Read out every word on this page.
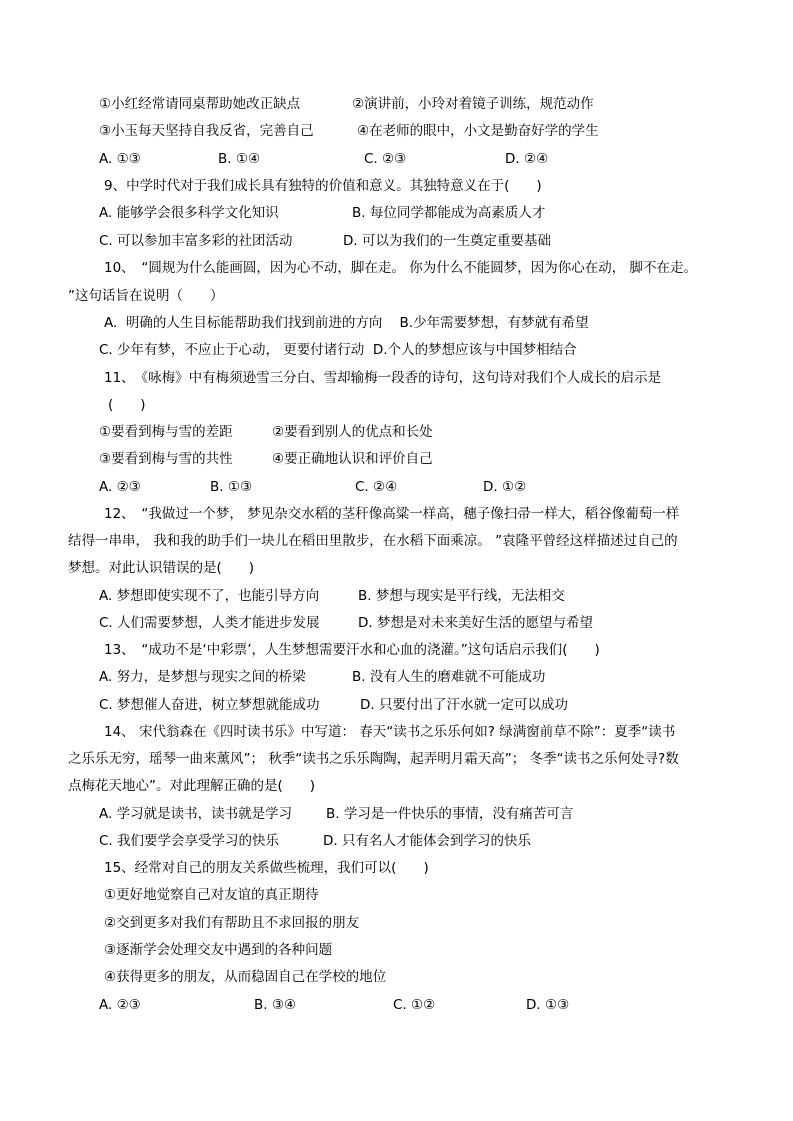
①小红经常请同桌帮助她改正缺点	②演讲前，小玲对着镜子训练，规范动作
③小玉每天坚持自我反省，完善自己	④在老师的眼中，小文是勤奋好学的学生
A. ①③	B. ①④	C. ②③	D. ②④
9、中学时代对于我们成长具有独特的价值和意义。其独特意义在于(　　)
A. 能够学会很多科学文化知识	B. 每位同学都能成为高素质人才
C. 可以参加丰富多彩的社团活动	D. 可以为我们的一生奠定重要基础
10、　“圆规为什么能画圆，因为心不动，脚在走。 你为什么不能圆梦，因为你心在动， 脚不在走。
”这句话旨在说明（　　）
A.  明确的人生目标能帮助我们找到前进的方向    B.少年需要梦想，有梦就有希望
C. 少年有梦，不应止于心动， 更要付诸行动  D.个人的梦想应该与中国梦相结合
11、　《咏梅》中有梅须逊雪三分白、雪却输梅一段香的诗句，这句诗对我们个人成长的启示是
(　　)
①要看到梅与雪的差距	②要看到别人的优点和长处
③要看到梅与雪的共性	④要正确地认识和评价自己
A. ②③	B. ①③	C. ②④	D. ①②
12、　“我做过一个梦， 梦见杂交水稻的茎秆像高粱一样高，穗子像扫帚一样大，稻谷像葡萄一样
结得一串串， 我和我的助手们一块儿在稻田里散步，在水稻下面乘凉。 ”袁隆平曾经这样描述过自己的
梦想。对此认识错误的是(　　)
A. 梦想即使实现不了，也能引导方向	B. 梦想与现实是平行线，无法相交
C. 人们需要梦想，人类才能进步发展	D. 梦想是对未来美好生活的愿望与希望
13、　“成功不是‘中彩票’，人生梦想需要汗水和心血的浇灌。”这句话启示我们(　　)
A. 努力，是梦想与现实之间的桥梁	B. 没有人生的磨难就不可能成功
C. 梦想催人奋进，树立梦想就能成功	D. 只要付出了汗水就一定可以成功
14、 宋代翁森在《四时读书乐》中写道： 春天“读书之乐乐何如? 绿满窗前草不除”：夏季“读书
之乐乐无穷，瑶琴一曲来薰风”； 秋季“读书之乐乐陶陶，起弄明月霜天高”； 冬季“读书之乐何处寻?数
点梅花天地心”。对此理解正确的是(　　)
A. 学习就是读书，读书就是学习	B. 学习是一件快乐的事情，没有痛苦可言
C. 我们要学会享受学习的快乐	D. 只有名人才能体会到学习的快乐
15、经常对自己的朋友关系做些梳理，我们可以(　　)
①更好地觉察自己对友谊的真正期待
②交到更多对我们有帮助且不求回报的朋友
③逐渐学会处理交友中遇到的各种问题
④获得更多的朋友，从而稳固自己在学校的地位
A. ②③	B. ③④	C. ①②	D. ①③
